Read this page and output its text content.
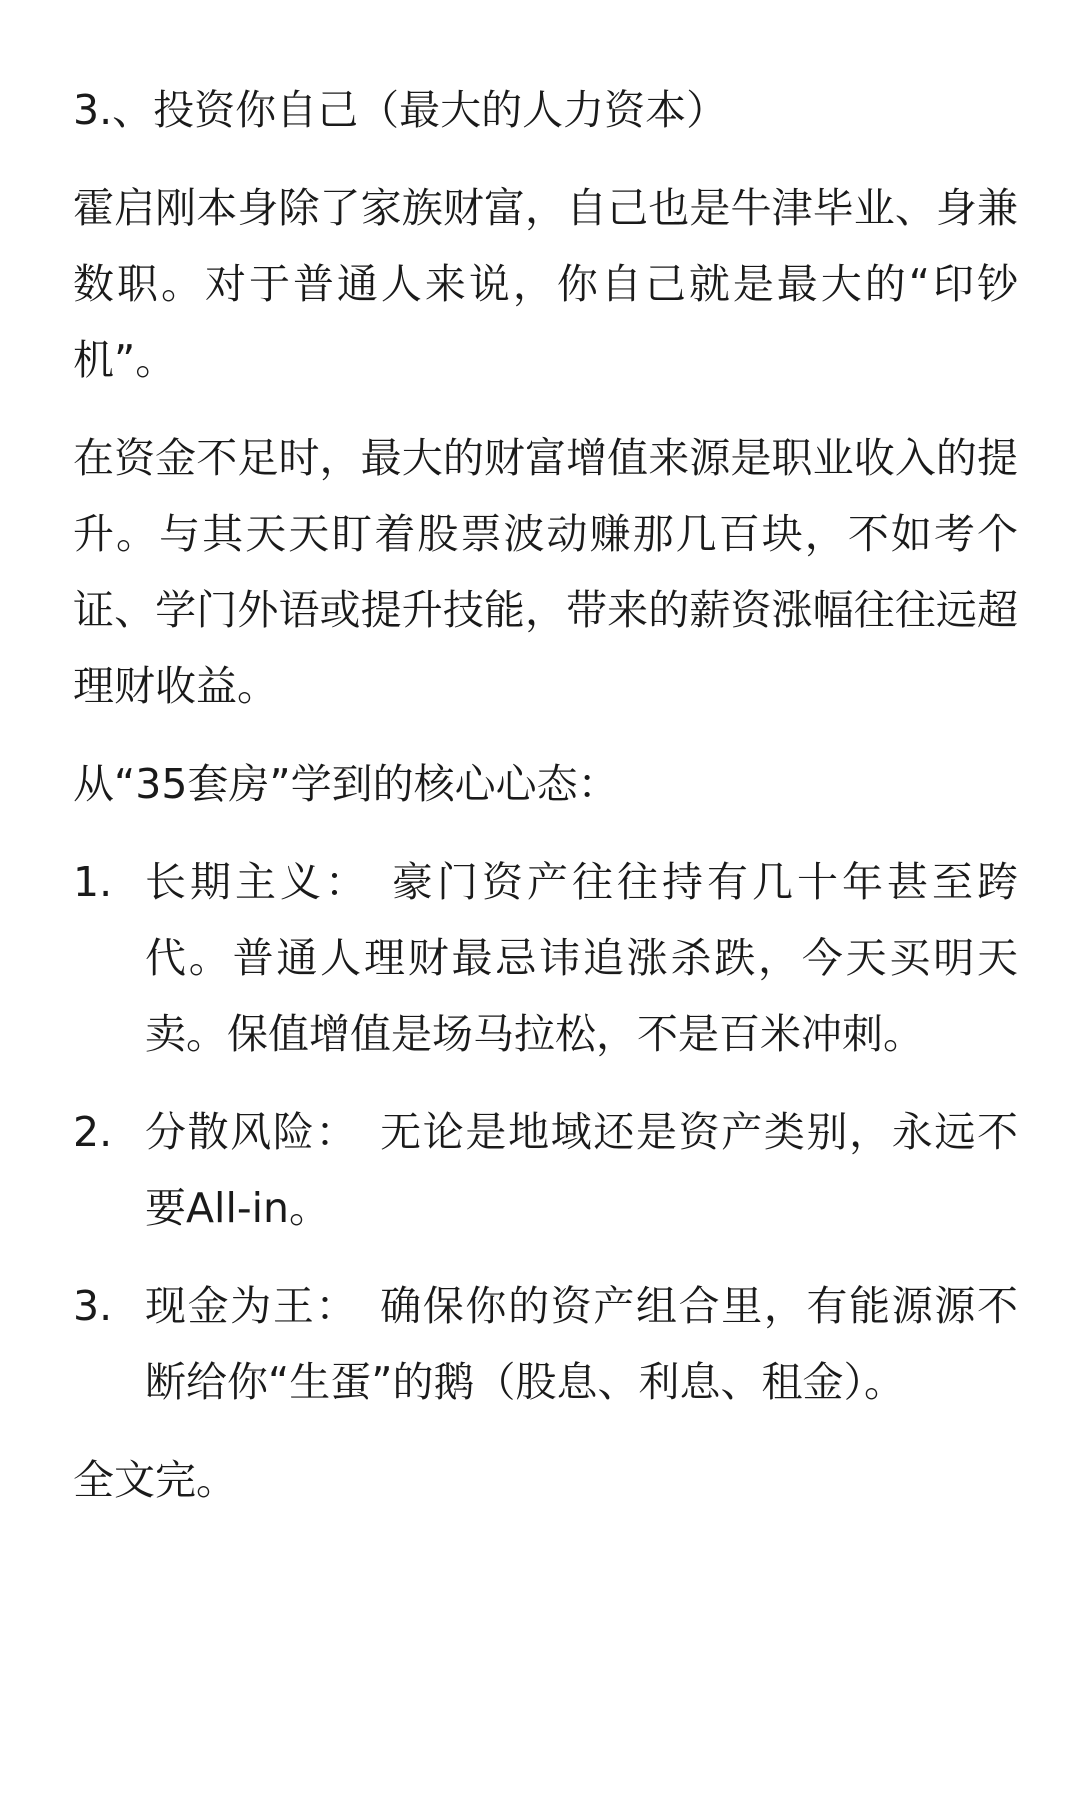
3.、投资你自己（最大的人力资本）

霍启刚本身除了家族财富，自己也是牛津毕业、身兼数职。对于普通人来说，你自己就是最大的“印钞机”。

在资金不足时，最大的财富增值来源是职业收入的提升。与其天天盯着股票波动赚那几百块，不如考个证、学门外语或提升技能，带来的薪资涨幅往往远超理财收益。

从“35套房”学到的核心心态：

1. 长期主义： 豪门资产往往持有几十年甚至跨代。普通人理财最忌讳追涨杀跌，今天买明天卖。保值增值是场马拉松，不是百米冲刺。
2. 分散风险： 无论是地域还是资产类别，永远不要All-in。
3. 现金为王： 确保你的资产组合里，有能源源不断给你“生蛋”的鹅（股息、利息、租金）。

全文完。
